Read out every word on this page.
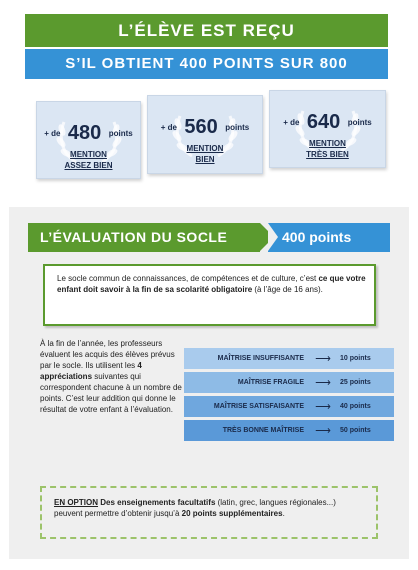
L’ÉLÈVE EST REÇU
S’IL OBTIENT 400 POINTS SUR 800
+ de 480 points
MENTION
ASSEZ BIEN
+ de 560 points
MENTION
BIEN
+ de 640 points
MENTION
TRÈS BIEN
L’ÉVALUATION DU SOCLE	400 points
Le socle commun de connaissances, de compétences et de culture, c’est ce que votre enfant doit savoir à la fin de sa scolarité obligatoire (à l’âge de 16 ans).
À la fin de l’année, les professeurs évaluent les acquis des élèves prévus par le socle. Ils utilisent les 4 appréciations suivantes qui correspondent chacune à un nombre de points. C’est leur addition qui donne le résultat de votre enfant à l’évaluation.
MAÎTRISE INSUFFISANTE	⟶	10 points
MAÎTRISE FRAGILE	⟶	25 points
MAÎTRISE SATISFAISANTE	⟶	40 points
TRÈS BONNE MAÎTRISE	⟶	50 points
EN OPTION Des enseignements facultatifs (latin, grec, langues régionales...) peuvent permettre d’obtenir jusqu’à 20 points supplémentaires.
